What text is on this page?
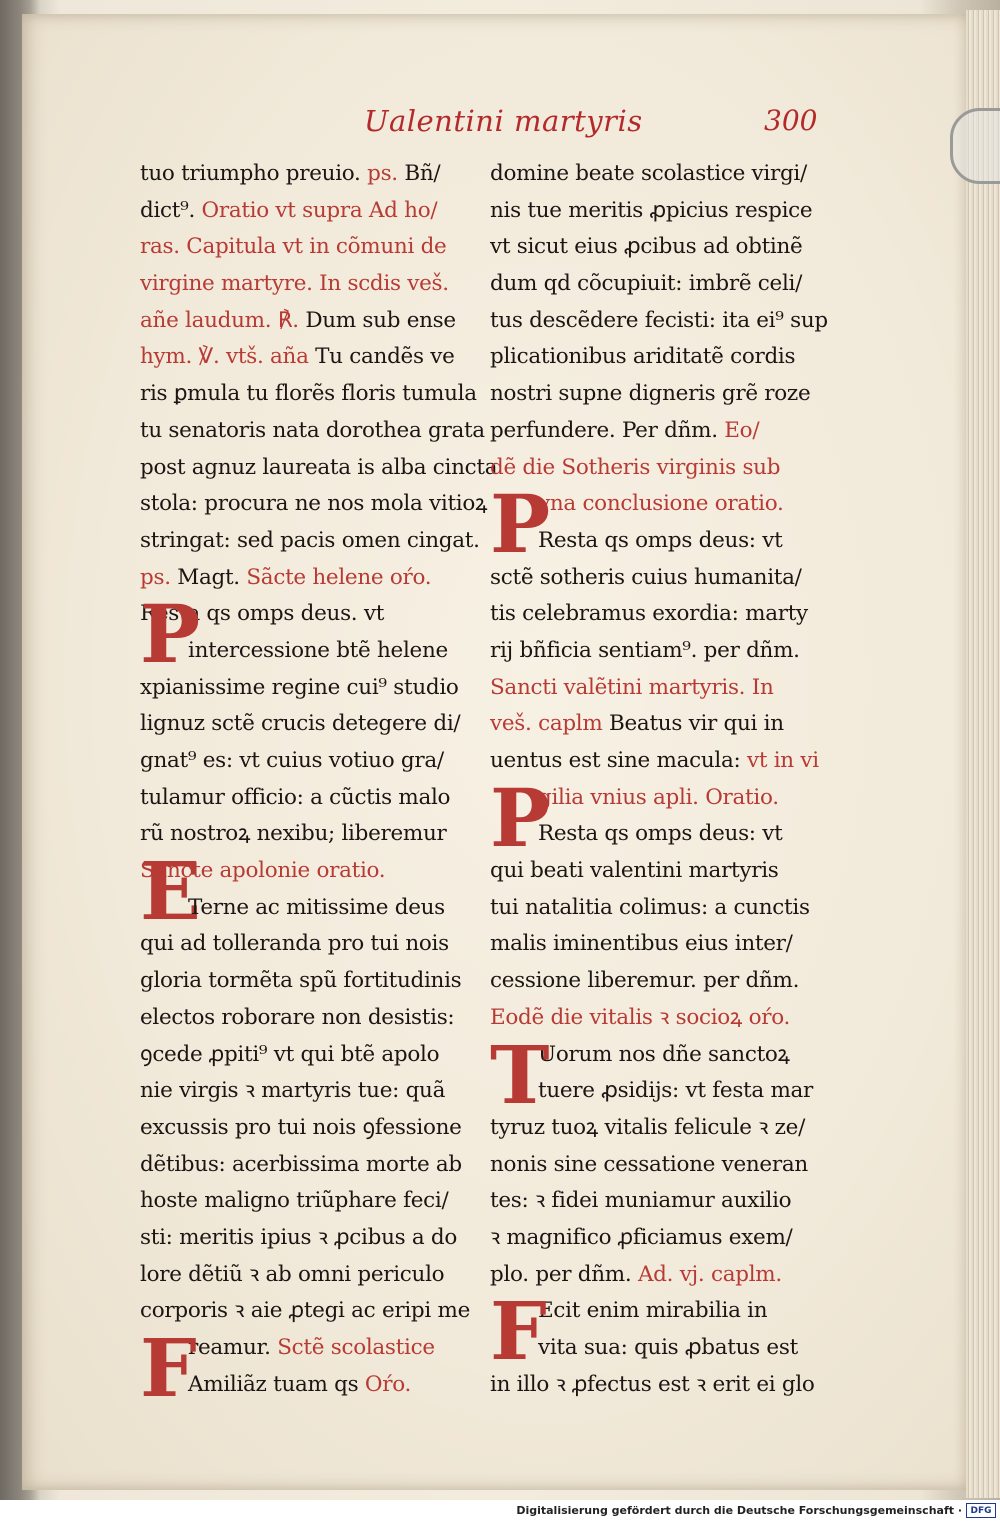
Ualentini martyris	300
tuo triumpho preuio. ps. Bñ/
dict⁹. Oratio vt supra Ad ho/
ras. Capitula vt in cõmuni de
virgine martyre. In scdis veš.
añe laudum. ℟. Dum sub ense
hym. ℣. vtš. aña Tu candẽs ve
ris ꝑmula tu florẽs floris tumula
tu senatoris nata dorothea grata
post agnuz laureata is alba cincta
stola: procura ne nos mola vitioꝝ
stringat: sed pacis omen cingat.
ps. Magt. Sãcte helene oŕo.
P
Resta qs omps deus. vt
intercessione btẽ helene
xpianissime regine cui⁹ studio
lignuz sctẽ crucis detegere di/
gnat⁹ es: vt cuius votiuo gra/
tulamur officio: a cũctis malo
rũ nostroꝝ nexibu; liberemur
E
Sancte apolonie oratio.
Terne ac mitissime deus
qui ad tolleranda pro tui nois
gloria tormẽta spũ fortitudinis
electos roborare non desistis:
ꝯcede ꝓpiti⁹ vt qui btẽ apolo
nie virgis ꝛ martyris tue: quã
excussis pro tui nois ꝯfessione
dẽtibus: acerbissima morte ab
hoste maligno triũphare feci/
sti: meritis ipius ꝛ ꝓcibus a do
lore dẽtiũ ꝛ ab omni periculo
corporis ꝛ aie ꝓtegi ac eripi me
F
reamur. Sctẽ scolastice
Amiliãz tuam qs Oŕo.
domine beate scolastice virgi/
nis tue meritis ꝓpicius respice
vt sicut eius ꝓcibus ad obtinẽ
dum qd cõcupiuit: imbrẽ celi/
tus descẽdere fecisti: ita ei⁹ sup
plicationibus ariditatẽ cordis
nostri supne digneris grẽ roze
perfundere. Per dñm. Eo/
dẽ die Sotheris virginis sub
P
vna conclusione oratio.
Resta qs omps deus: vt
sctẽ sotheris cuius humanita/
tis celebramus exordia: marty
rij bñficia sentiam⁹. per dñm.
Sancti valẽtini martyris. In
veš. caplm Beatus vir qui in
uentus est sine macula: vt in vi
P
gilia vnius apli. Oratio.
Resta qs omps deus: vt
qui beati valentini martyris
tui natalitia colimus: a cunctis
malis iminentibus eius inter/
cessione liberemur. per dñm.
Eodẽ die vitalis ꝛ socioꝝ oŕo.
T
Uorum nos dñe sanctoꝝ
tuere ꝓsidijs: vt festa mar
tyruz tuoꝝ vitalis felicule ꝛ ze/
nonis sine cessatione veneran
tes: ꝛ fidei muniamur auxilio
ꝛ magnifico ꝓficiamus exem/
plo. per dñm. Ad. vj. caplm.
F
Ecit enim mirabilia in
vita sua: quis ꝓbatus est
in illo ꝛ ꝓfectus est ꝛ erit ei glo
Digitalisierung gefördert durch die Deutsche Forschungsgemeinschaft · DFG
